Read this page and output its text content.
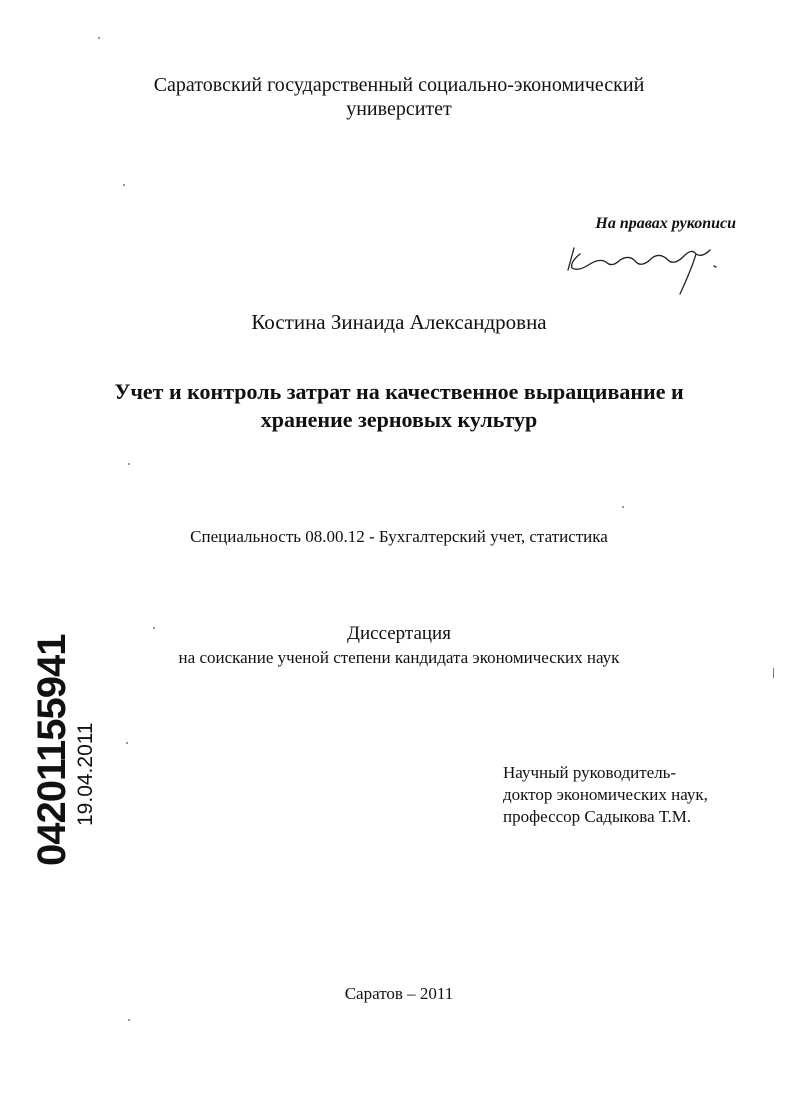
Саратовский государственный социально-экономический
университет
На правах рукописи
Костина Зинаида Александровна
Учет и контроль затрат на качественное выращивание и
хранение зерновых культур
Специальность 08.00.12 - Бухгалтерский учет, статистика
Диссертация
на соискание ученой степени кандидата экономических наук
Научный руководитель-
доктор экономических наук,
профессор Садыкова Т.М.
Саратов – 2011
04201155941 19.04.2011
